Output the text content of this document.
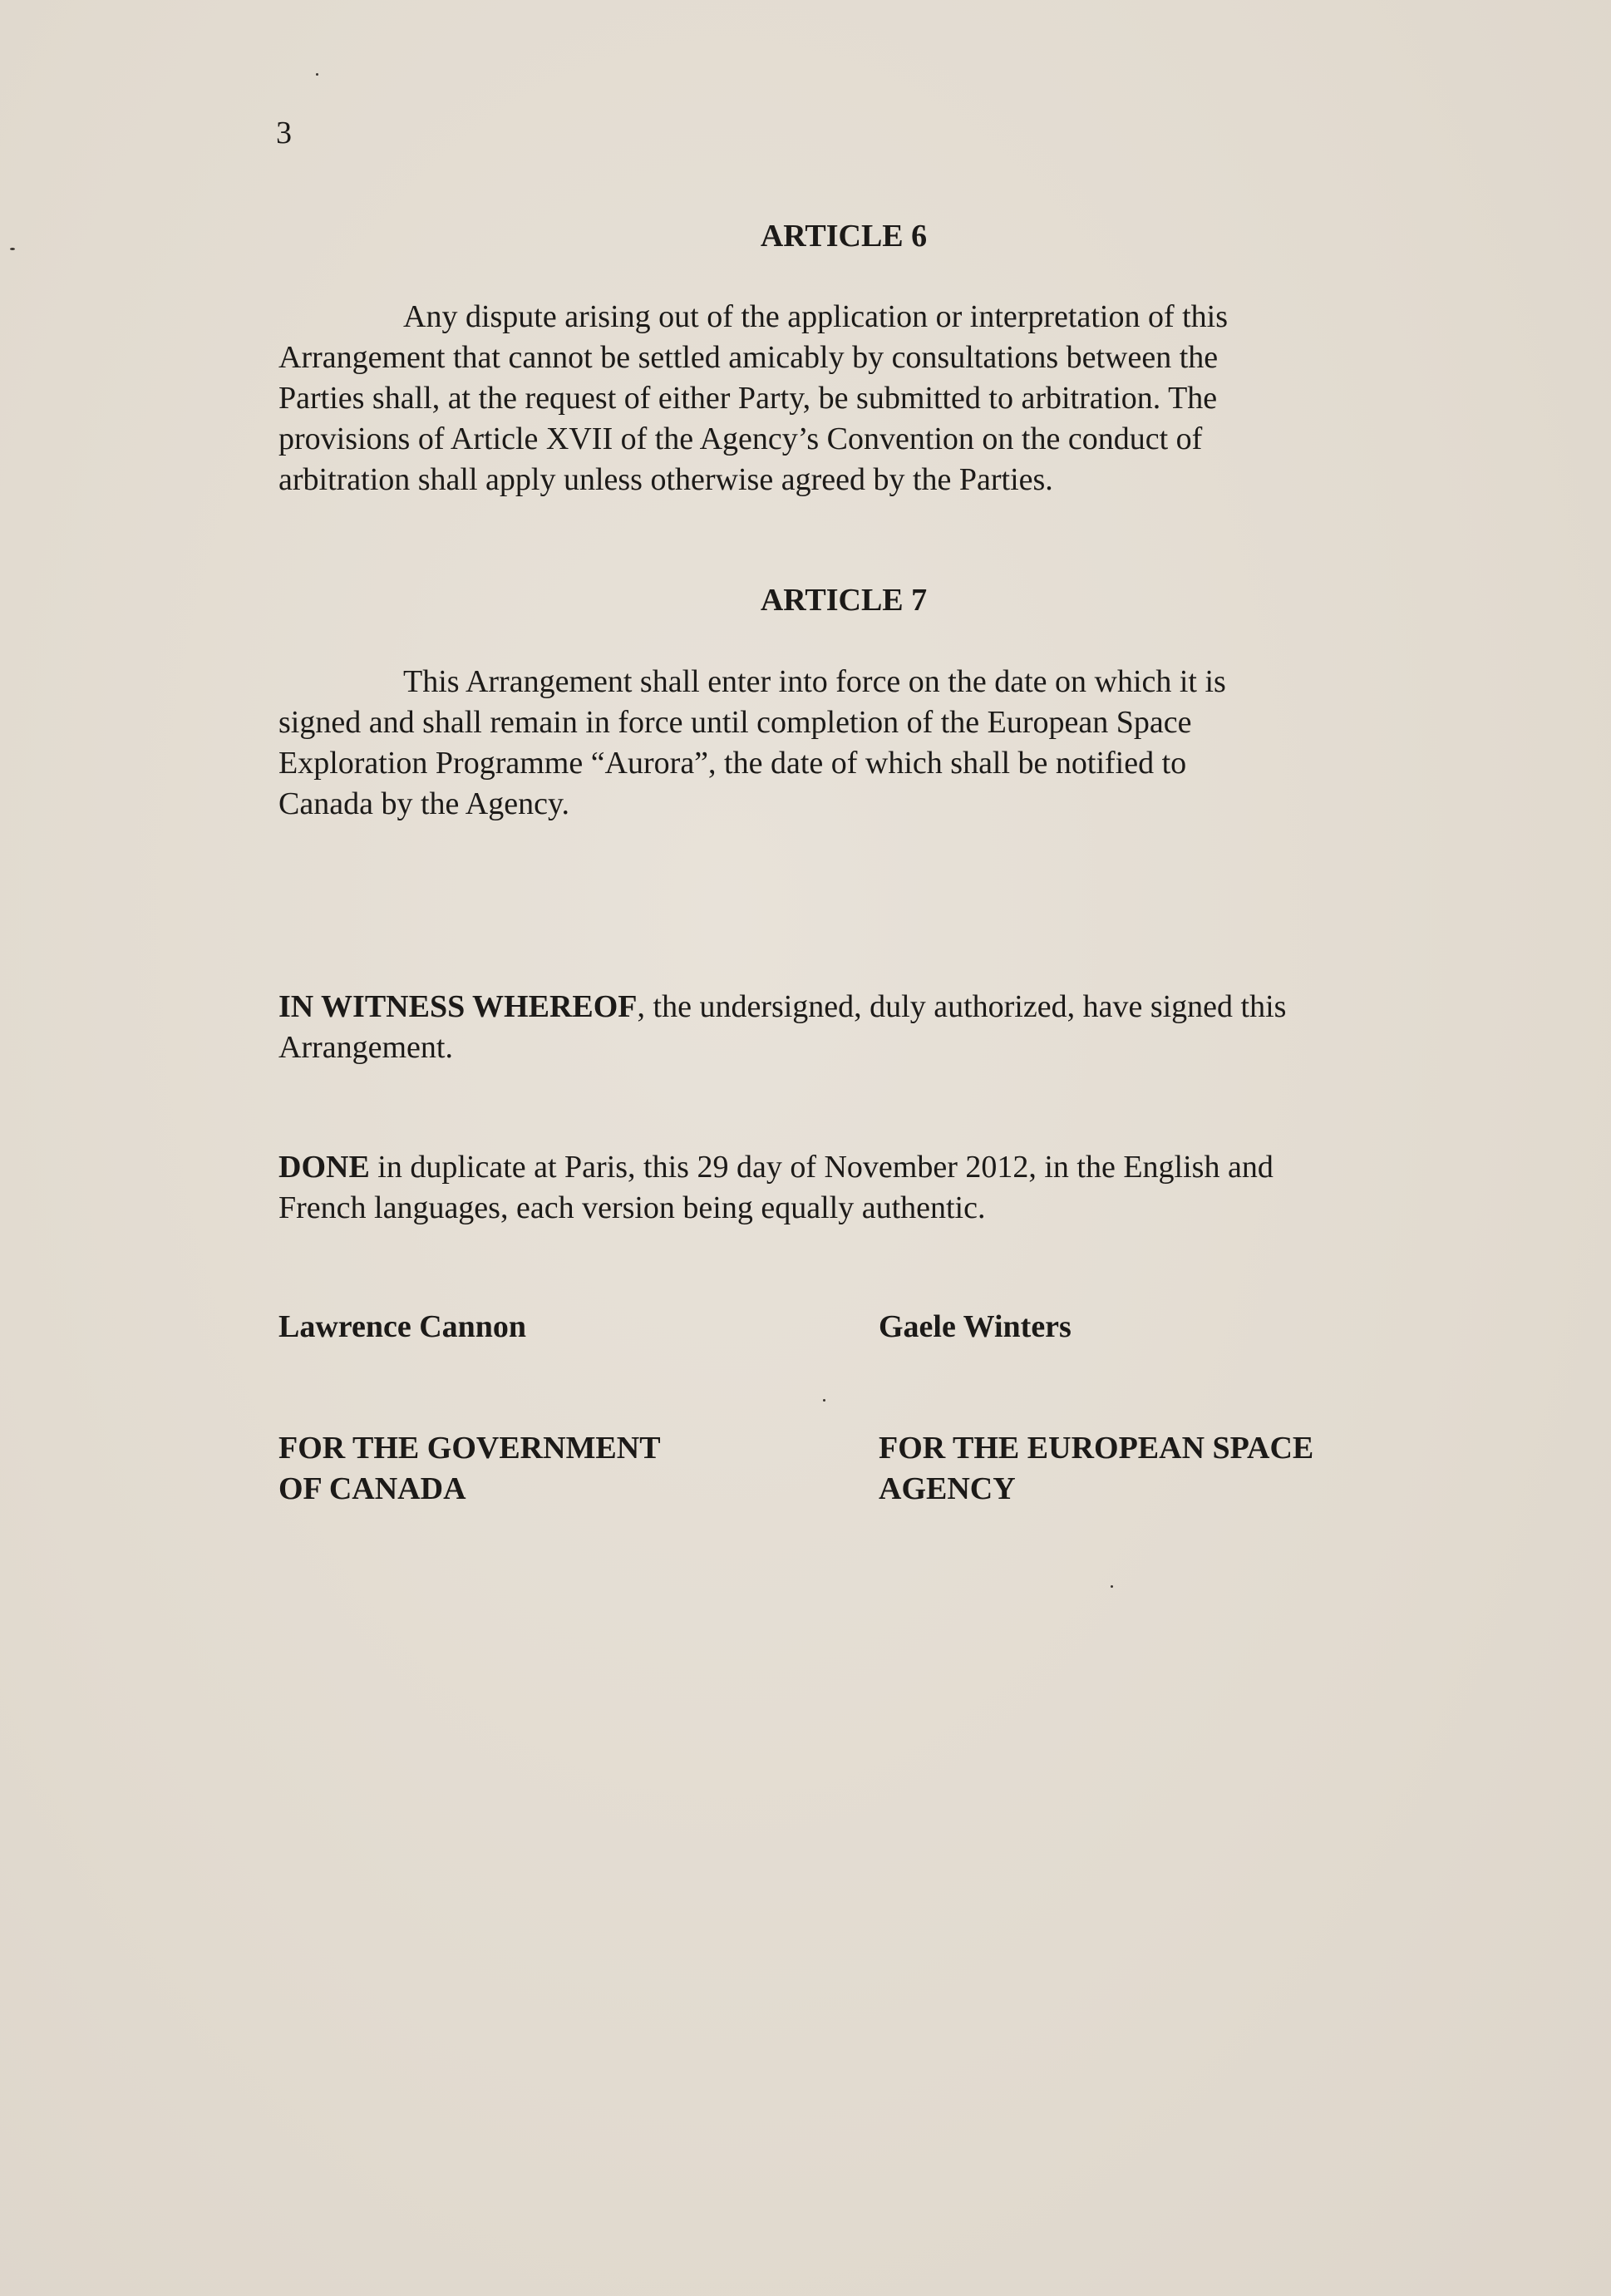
3
ARTICLE 6
Any dispute arising out of the application or interpretation of this
Arrangement that cannot be settled amicably by consultations between the
Parties shall, at the request of either Party, be submitted to arbitration. The
provisions of Article XVII of the Agency’s Convention on the conduct of
arbitration shall apply unless otherwise agreed by the Parties.
ARTICLE 7
This Arrangement shall enter into force on the date on which it is
signed and shall remain in force until completion of the European Space
Exploration Programme “Aurora”, the date of which shall be notified to
Canada by the Agency.
IN WITNESS WHEREOF, the undersigned, duly authorized, have signed this
Arrangement.
DONE in duplicate at Paris, this 29 day of November 2012, in the English and
French languages, each version being equally authentic.
Lawrence Cannon	Gaele Winters
FOR THE GOVERNMENT
OF CANADA
FOR THE EUROPEAN SPACE
AGENCY
